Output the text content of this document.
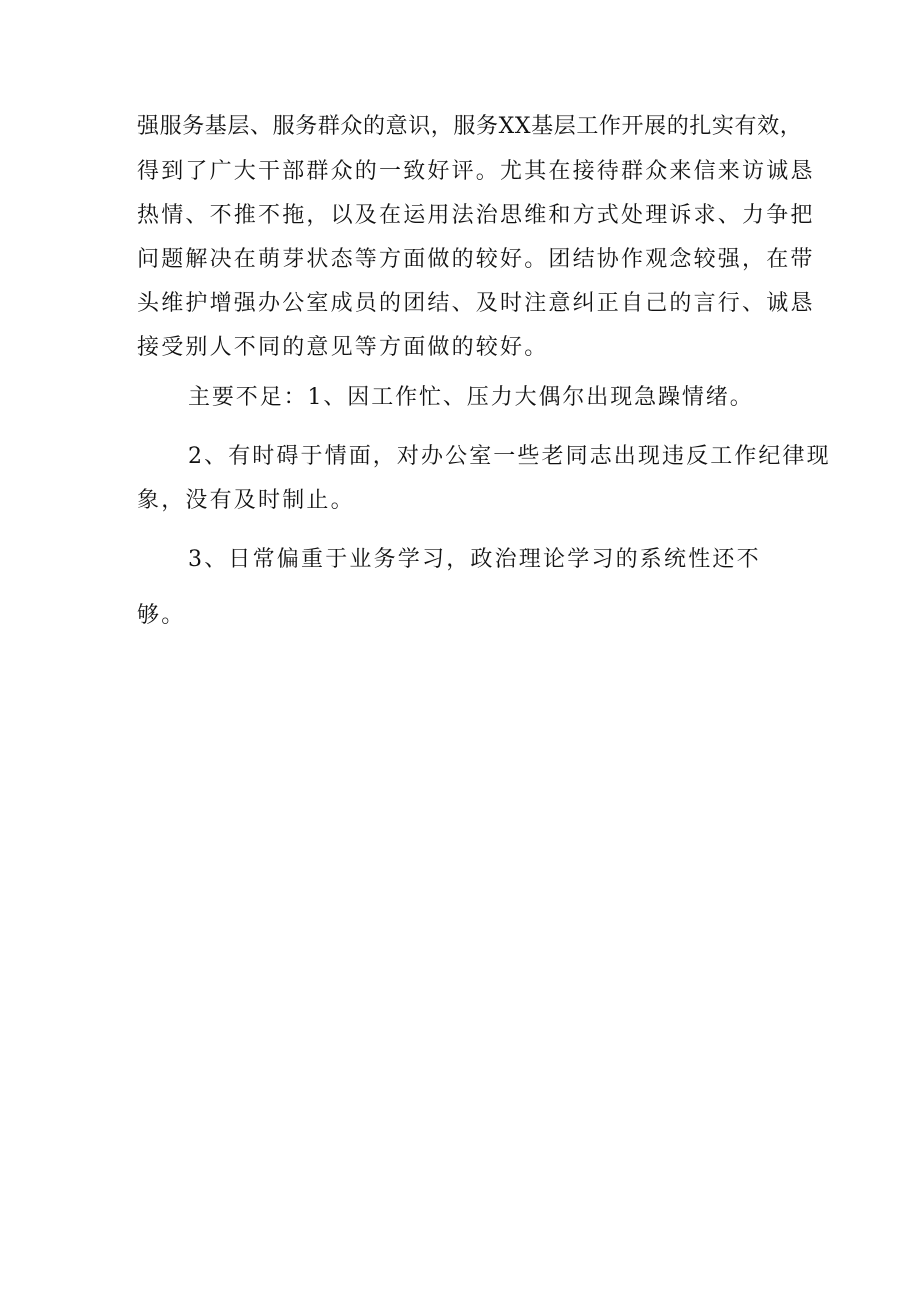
强服务基层、服务群众的意识，服务XX基层工作开展的扎实有效，
得到了广大干部群众的一致好评。尤其在接待群众来信来访诚恳
热情、不推不拖，以及在运用法治思维和方式处理诉求、力争把
问题解决在萌芽状态等方面做的较好。团结协作观念较强，在带
头维护增强办公室成员的团结、及时注意纠正自己的言行、诚恳
接受别人不同的意见等方面做的较好。
主要不足：1、因工作忙、压力大偶尔出现急躁情绪。
2、有时碍于情面，对办公室一些老同志出现违反工作纪律现
象，没有及时制止。
3、日常偏重于业务学习，政治理论学习的系统性还不
够。
